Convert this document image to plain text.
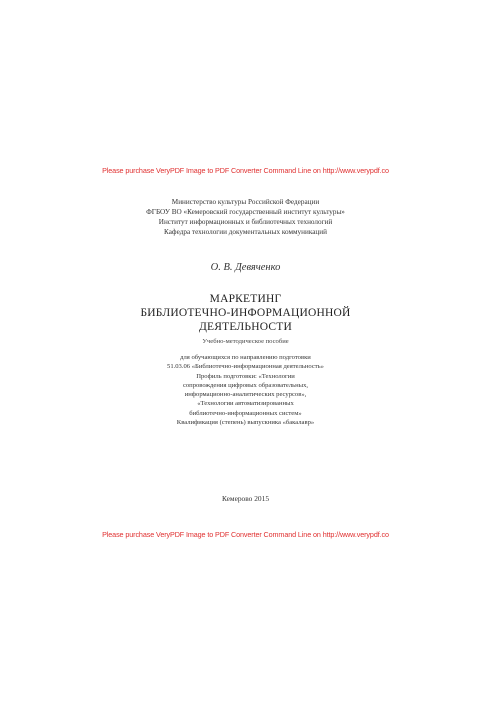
Please purchase VeryPDF Image to PDF Converter Command Line on http://www.verypdf.co
Министерство культуры Российской Федерации
ФГБОУ ВО «Кемеровский государственный институт культуры»
Институт информационных и библиотечных технологий
Кафедра технологии документальных коммуникаций
О. В. Девяченко
МАРКЕТИНГ
БИБЛИОТЕЧНО-ИНФОРМАЦИОННОЙ
ДЕЯТЕЛЬНОСТИ
Учебно-методическое пособие
для обучающихся по направлению подготовки
51.03.06 «Библиотечно-информационная деятельность»
Профиль подготовки: «Технологии
сопровождения цифровых образовательных,
информационно-аналитических ресурсов»,
«Технологии автоматизированных
библиотечно-информационных систем»
Квалификация (степень) выпускника «бакалавр»
Кемерово 2015
Please purchase VeryPDF Image to PDF Converter Command Line on http://www.verypdf.co
